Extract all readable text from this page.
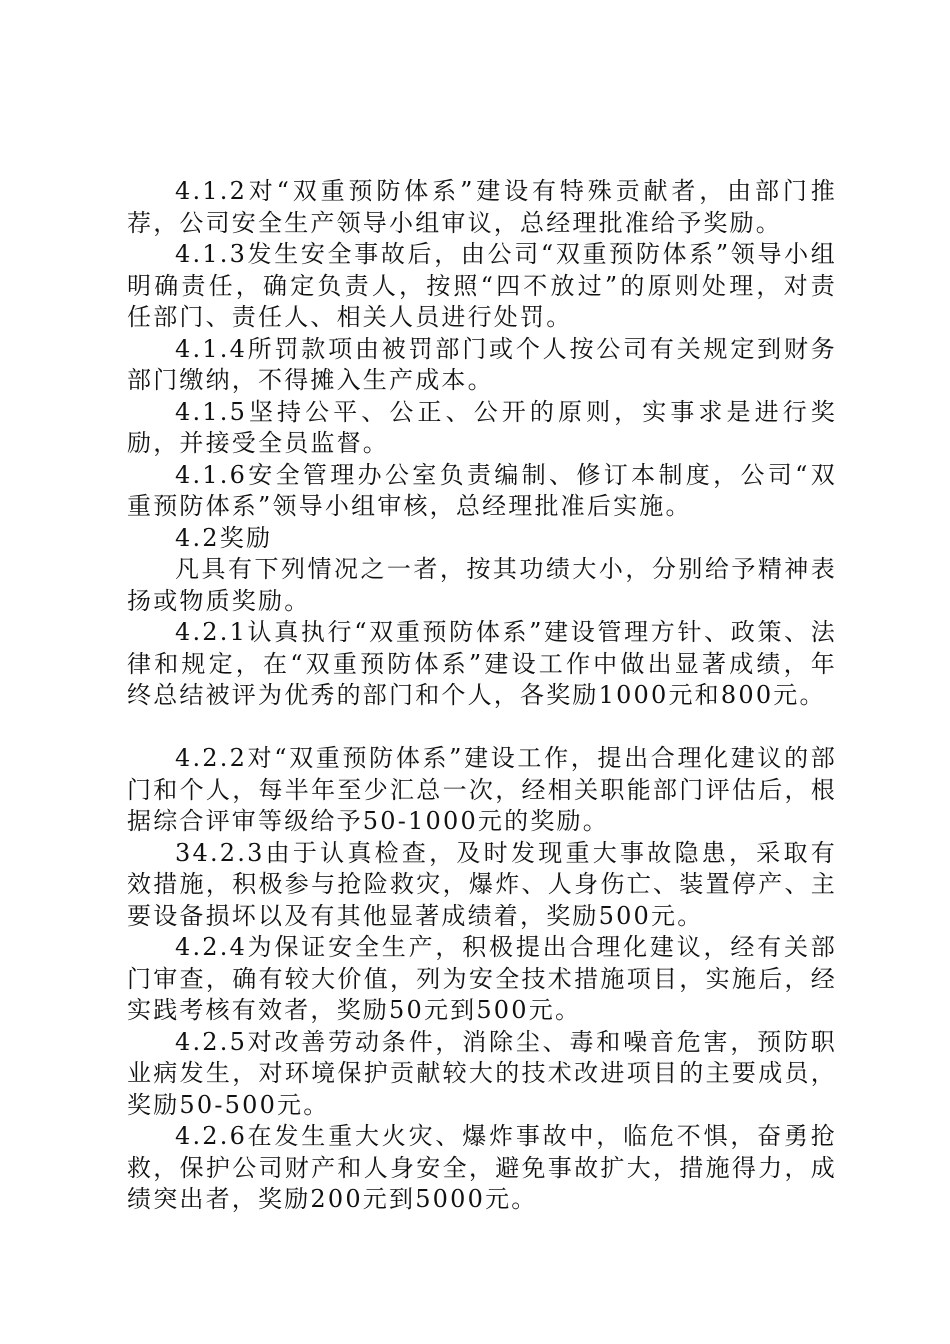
4.1.2对“双重预防体系”建设有特殊贡献者，由部门推荐，公司安全生产领导小组审议，总经理批准给予奖励。

4.1.3发生安全事故后，由公司“双重预防体系”领导小组明确责任，确定负责人，按照“四不放过”的原则处理，对责任部门、责任人、相关人员进行处罚。

4.1.4所罚款项由被罚部门或个人按公司有关规定到财务部门缴纳，不得摊入生产成本。

4.1.5坚持公平、公正、公开的原则，实事求是进行奖励，并接受全员监督。

4.1.6安全管理办公室负责编制、修订本制度，公司“双重预防体系”领导小组审核，总经理批准后实施。

4.2奖励

凡具有下列情况之一者，按其功绩大小，分别给予精神表扬或物质奖励。

4.2.1认真执行“双重预防体系”建设管理方针、政策、法律和规定，在“双重预防体系”建设工作中做出显著成绩，年终总结被评为优秀的部门和个人，各奖励1000元和800元。

4.2.2对“双重预防体系”建设工作，提出合理化建议的部门和个人，每半年至少汇总一次，经相关职能部门评估后，根据综合评审等级给予50-1000元的奖励。

34.2.3由于认真检查，及时发现重大事故隐患，采取有效措施，积极参与抢险救灾，爆炸、人身伤亡、装置停产、主要设备损坏以及有其他显著成绩着，奖励500元。

4.2.4为保证安全生产，积极提出合理化建议，经有关部门审查，确有较大价值，列为安全技术措施项目，实施后，经实践考核有效者，奖励50元到500元。

4.2.5对改善劳动条件，消除尘、毒和噪音危害，预防职业病发生，对环境保护贡献较大的技术改进项目的主要成员，奖励50-500元。

4.2.6在发生重大火灾、爆炸事故中，临危不惧，奋勇抢救，保护公司财产和人身安全，避免事故扩大，措施得力，成绩突出者，奖励200元到5000元。
